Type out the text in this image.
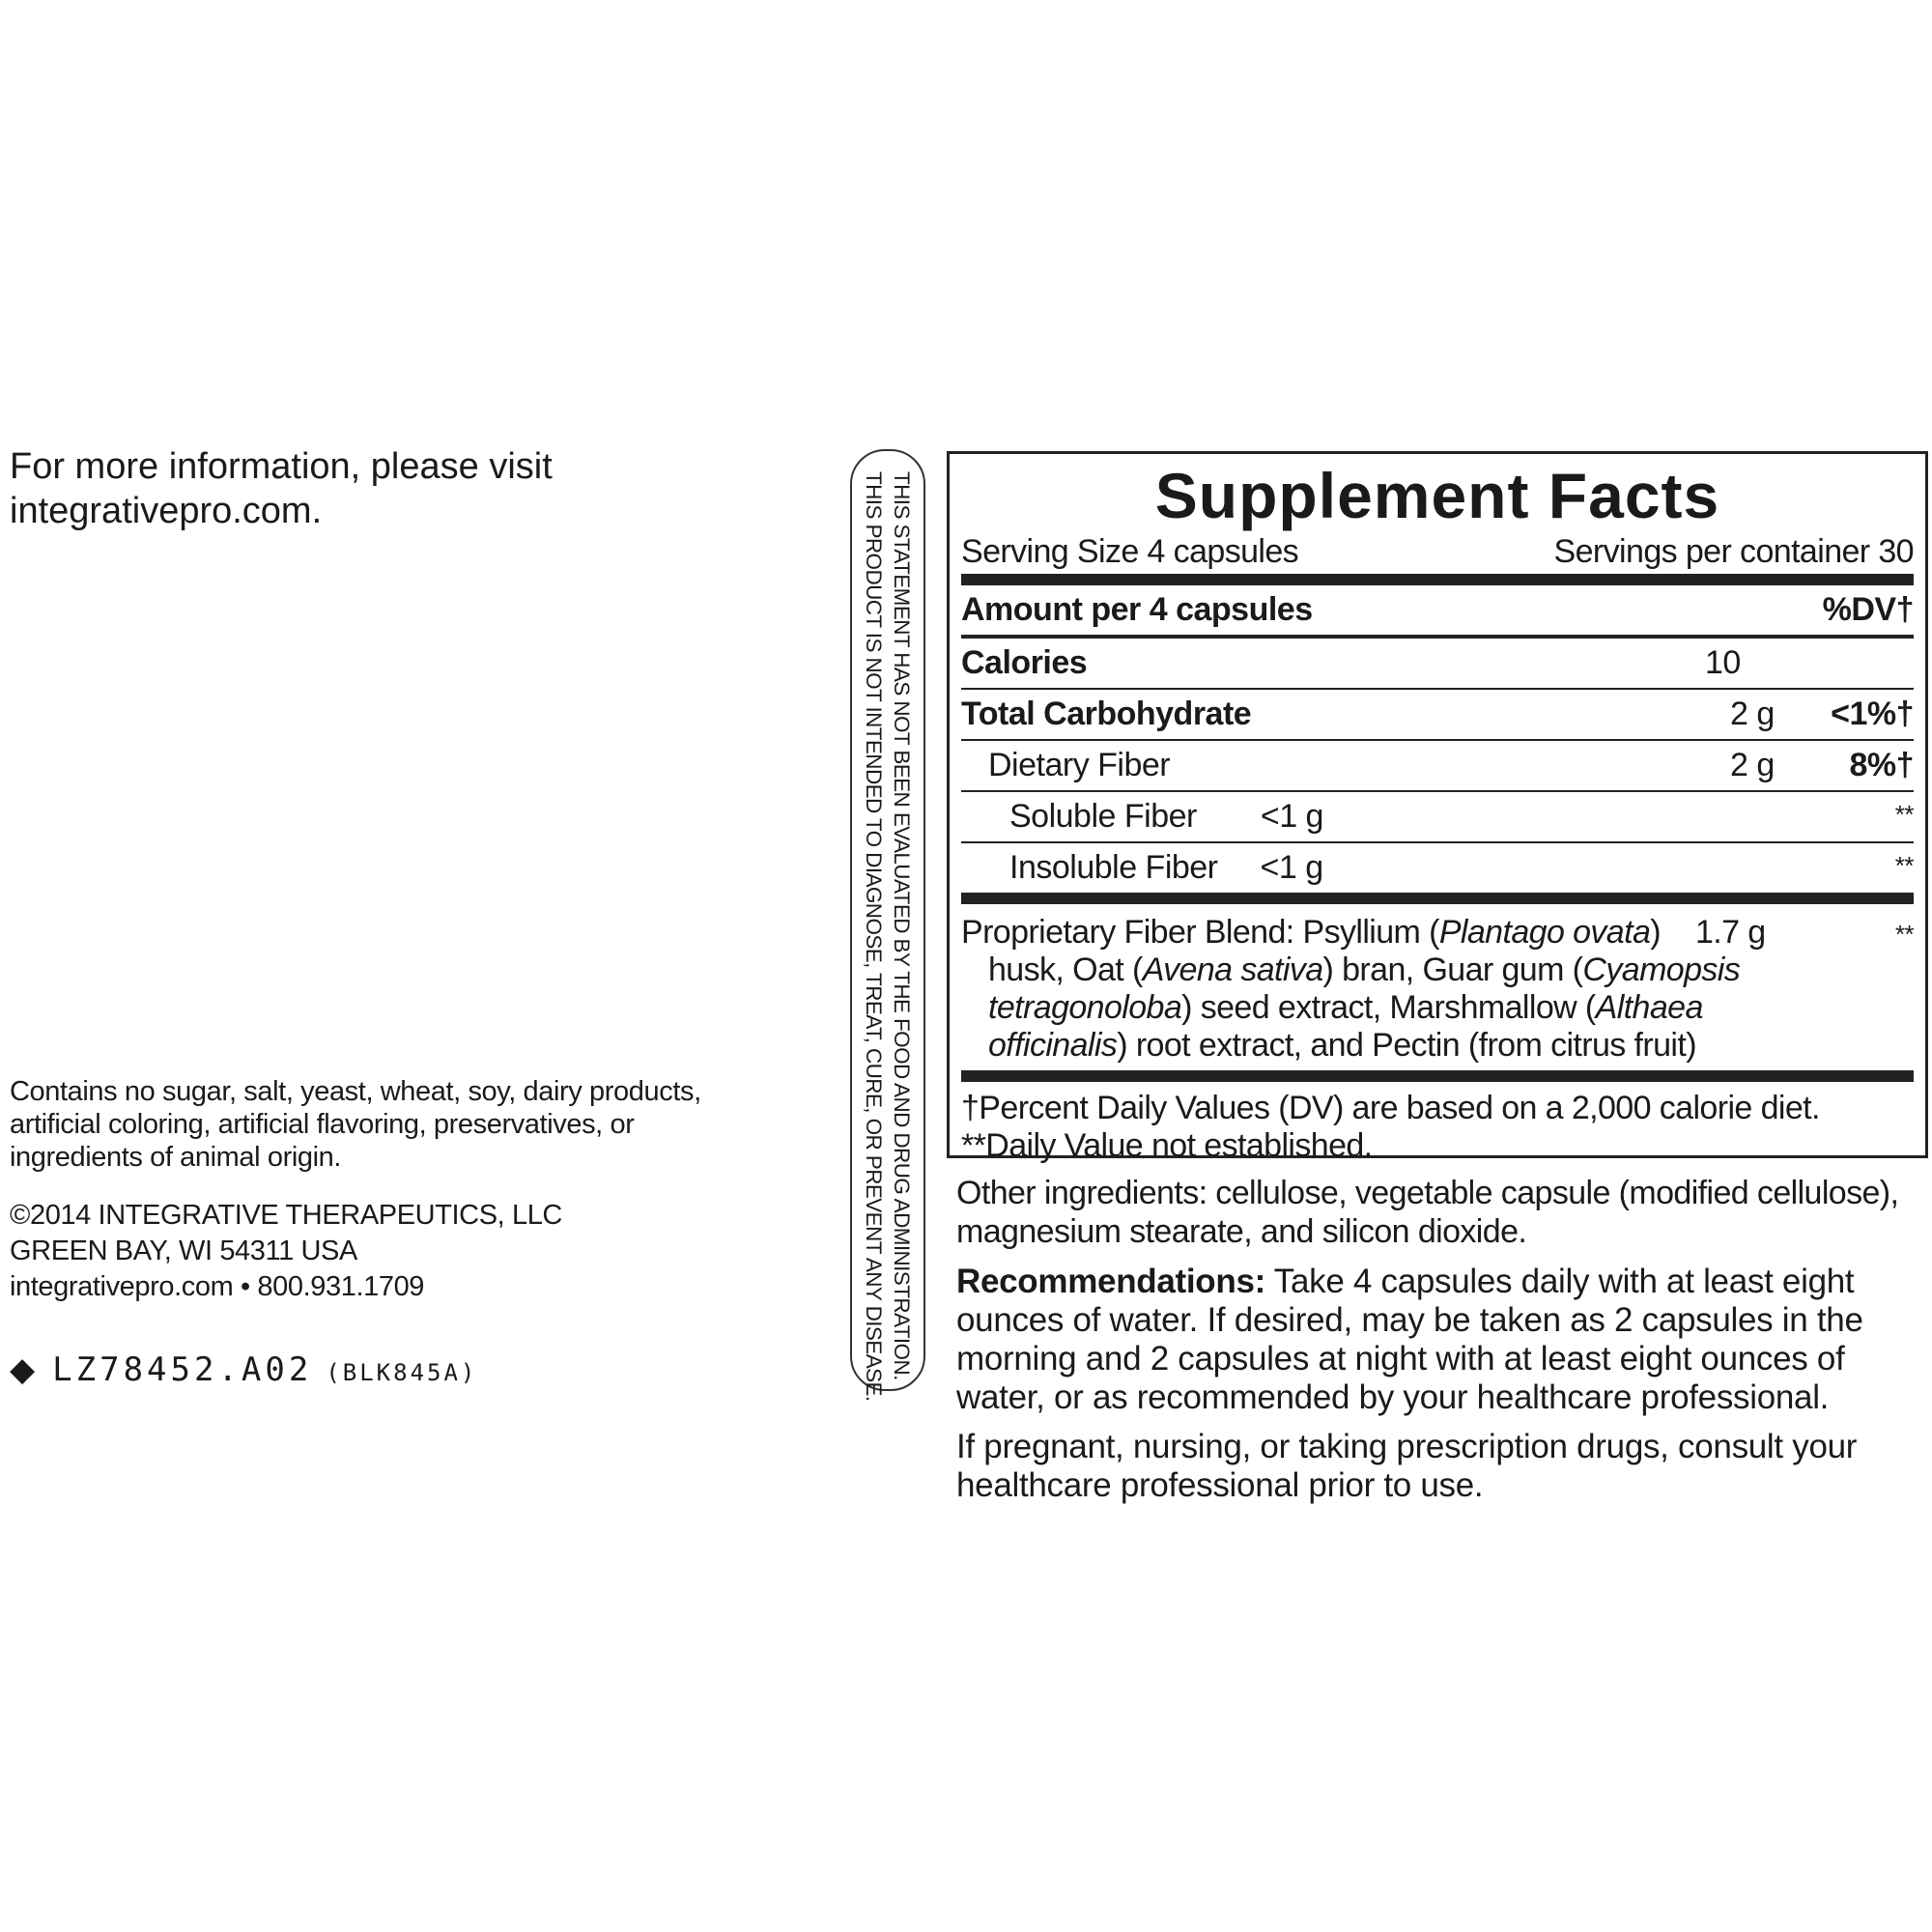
For more information, please visit
integrativepro.com.
Contains no sugar, salt, yeast, wheat, soy, dairy products,
artificial coloring, artificial flavoring, preservatives, or
ingredients of animal origin.
©2014 INTEGRATIVE THERAPEUTICS, LLC
GREEN BAY, WI 54311 USA
integrativepro.com • 800.931.1709
◆ LZ78452.A02 (BLK845A)	THIS STATEMENT HAS NOT BEEN EVALUATED BY THE FOOD AND DRUG ADMINISTRATION.
THIS PRODUCT IS NOT INTENDED TO DIAGNOSE, TREAT, CURE, OR PREVENT ANY DISEASE.	Supplement Facts
Serving Size 4 capsules	Servings per container 30
Amount per 4 capsules	%DV†
Calories	10
Total Carbohydrate	2 g	<1%†
Dietary Fiber	2 g	8%†
Soluble Fiber <1 g	**
Insoluble Fiber <1 g	**
Proprietary Fiber Blend: Psyllium (Plantago ovata)
husk, Oat (Avena sativa) bran, Guar gum (Cyamopsis tetragonoloba) seed extract, Marshmallow (Althaea officinalis) root extract, and Pectin (from citrus fruit)
1.7 g	**
†Percent Daily Values (DV) are based on a 2,000 calorie diet.
**Daily Value not established.
Other ingredients: cellulose, vegetable capsule (modified cellulose), magnesium stearate, and silicon dioxide.
Recommendations: Take 4 capsules daily with at least eight ounces of water. If desired, may be taken as 2 capsules in the morning and 2 capsules at night with at least eight ounces of water, or as recommended by your healthcare professional.
If pregnant, nursing, or taking prescription drugs, consult your healthcare professional prior to use.
